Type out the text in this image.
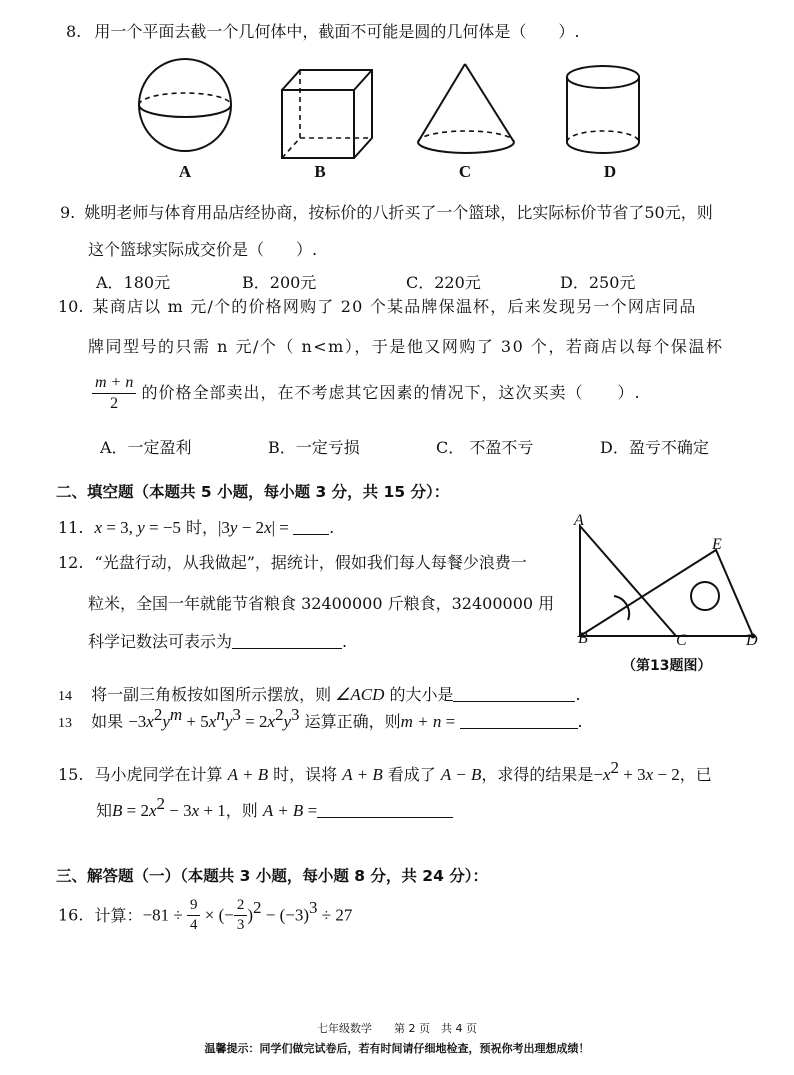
8. 用一个平面去截一个几何体中，截面不可能是圆的几何体是（　　）.
A	B	C	D
9. 姚明老师与体育用品店经协商，按标价的八折买了一个篮球，比实际标价节省了50元，则
这个篮球实际成交价是（　　）.
A．180元	B．200元	C．220元	D．250元
10. 某商店以 m 元/个的价格网购了 20 个某品牌保温杯，后来发现另一个网店同品
牌同型号的只需 n 元/个（ n<m），于是他又网购了 30 个，若商店以每个保温杯
$\frac{m + n}{2}$ 的价格全部卖出，在不考虑其它因素的情况下，这次买卖（　　）.
A．一定盈利	B．一定亏损	C． 不盈不亏	D．盈亏不确定
二、填空题（本题共 5 小题，每小题 3 分，共 15 分）：
11. x = 3, y = −5 时，|3y − 2x| = .
12. “光盘行动，从我做起”，据统计，假如我们每人每餐少浪费一
粒米，全国一年就能节省粮食 32400000 斤粮食，32400000 用
科学记数法可表示为	.
A
B	C	D
E
（第13题图）
14 将一副三角板按如图所示摆放，则 ∠ACD 的大小是	.
13 如果 $-3x^2y^m + 5x^ny^3 = 2x^2y^3$ 运算正确，则m + n =	.
15. 马小虎同学在计算 A + B 时，误将 A + B 看成了 A − B，求得的结果是$-x^2 + 3x - 2$，已
知$B = 2x^2 - 3x + 1$，则 A + B =
三、解答题（一）（本题共 3 小题，每小题 8 分，共 24 分）：
16. 计算：$-81 \div \frac{9}{4}$ × (− $\frac{2}{3} )^2 - (-3)^3 \div 27$
七年级数学　　第 2 页　共 4 页
温馨提示：同学们做完试卷后，若有时间请仔细地检查，预祝你考出理想成绩！
